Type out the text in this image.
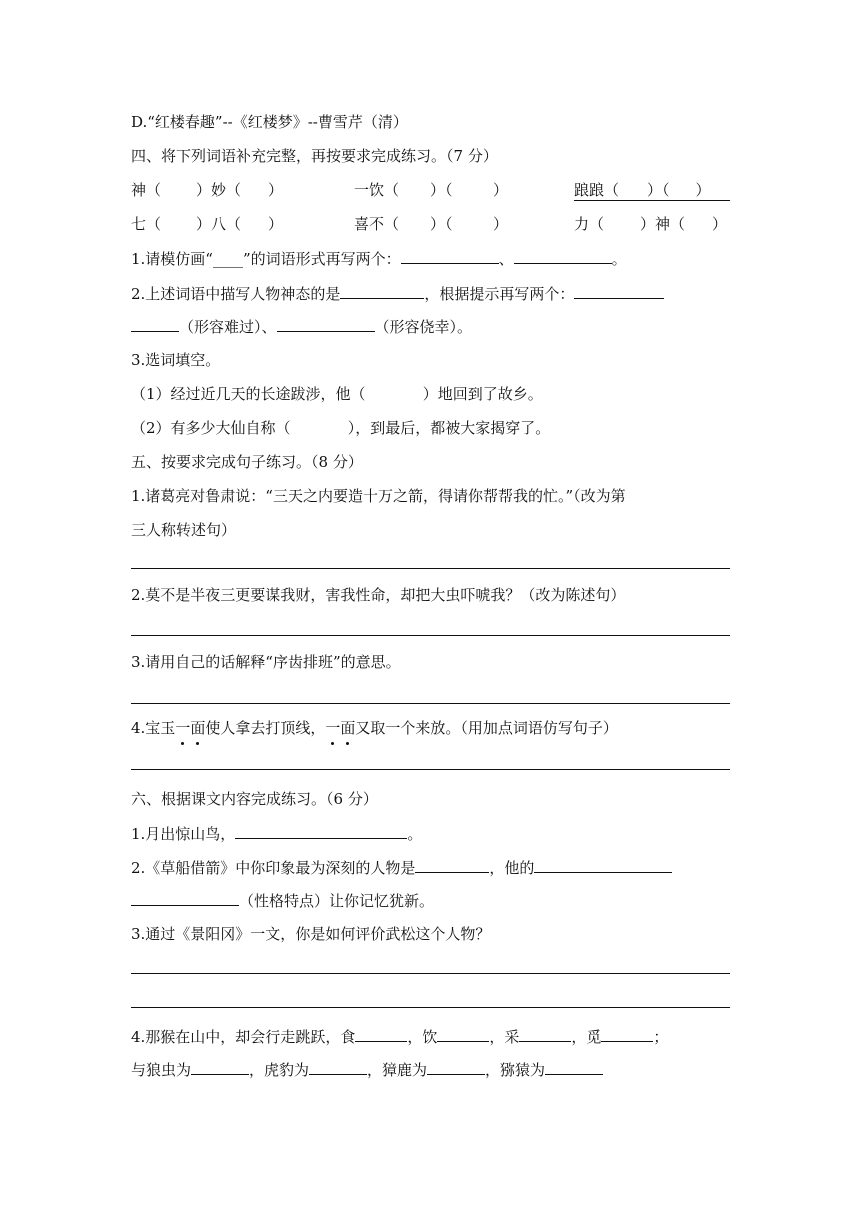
D.“红楼春趣”--《红楼梦》--曹雪芹（清）
四、将下列词语补充完整，再按要求完成练习。（7 分）
神（ ）妙（ ）	一饮（ ）（	）	踉踉（ ）（ ）
七（ ）八（ ）	喜不（ ）（	）	力（ ）神（ ）
1.请模仿画“____”的词语形式再写两个：	、	。
2.上述词语中描写人物神态的是	，根据提示再写两个：
（形容难过）、	（形容侥幸）。
3.选词填空。
（1）经过近几天的长途跋涉，他（            ）地回到了故乡。
（2）有多少大仙自称（            ），到最后，都被大家揭穿了。
五、按要求完成句子练习。（8 分）
1.诸葛亮对鲁肃说：“三天之内要造十万之箭，得请你帮帮我的忙。”（改为第
三人称转述句）
2.莫不是半夜三更要谋我财，害我性命，却把大虫吓唬我？（改为陈述句）
3.请用自己的话解释“序齿排班”的意思。
4.宝玉一面使人拿去打顶线，一面又取一个来放。（用加点词语仿写句子）
六、根据课文内容完成练习。（6 分）
1.月出惊山鸟，	。
2.《草船借箭》中你印象最为深刻的人物是	，他的
（性格特点）让你记忆犹新。
3.通过《景阳冈》一文，你是如何评价武松这个人物？
4.那猴在山中，却会行走跳跃，食	，饮	，采	，觅	；
与狼虫为	，虎豹为	，獐鹿为	，猕猿为
